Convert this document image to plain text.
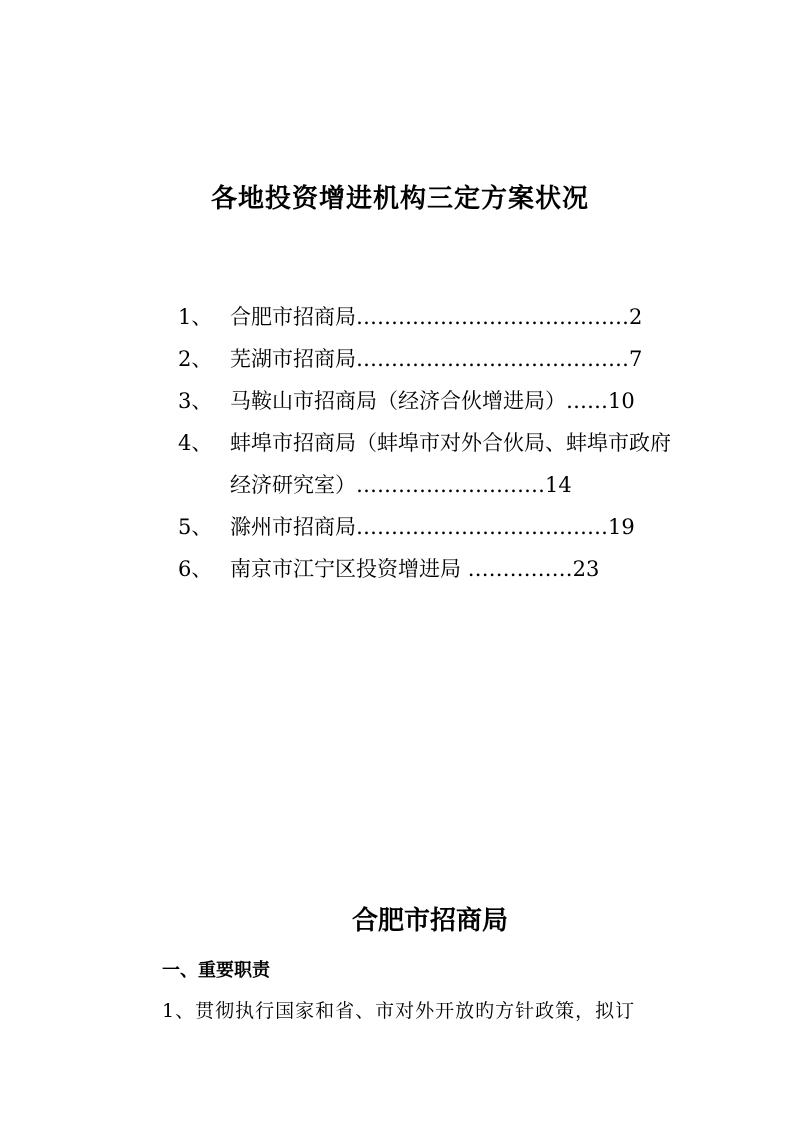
各地投资增进机构三定方案状况
1、 合肥市招商局…………………………………2
2、 芜湖市招商局…………………………………7
3、 马鞍山市招商局（经济合伙增进局）……10
4、 蚌埠市招商局（蚌埠市对外合伙局、蚌埠市政府经济研究室）………………………14
5、 滁州市招商局………………………………19
6、 南京市江宁区投资增进局 ……………23
合肥市招商局
一、重要职责
1、贯彻执行国家和省、市对外开放旳方针政策，拟订
